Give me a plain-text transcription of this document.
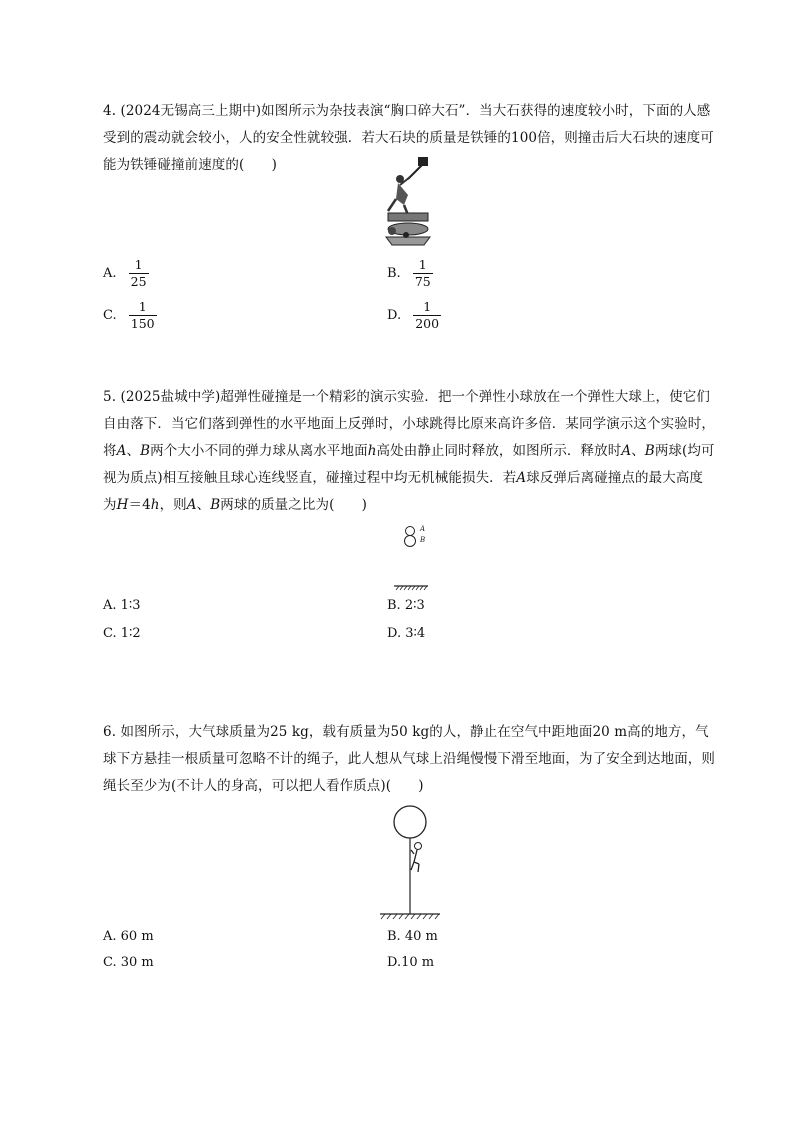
4. (2024无锡高三上期中)如图所示为杂技表演“胸口碎大石”．当大石获得的速度较小时，下面的人感受到的震动就会较小，人的安全性就较强．若大石块的质量是铁锤的100倍，则撞击后大石块的速度可能为铁锤碰撞前速度的(　　)

A. $\frac{1}{25}$	B. $\frac{1}{75}$
C. $\frac{1}{150}$	D. $\frac{1}{200}$

5. (2025盐城中学)超弹性碰撞是一个精彩的演示实验．把一个弹性小球放在一个弹性大球上，使它们自由落下．当它们落到弹性的水平地面上反弹时，小球跳得比原来高许多倍．某同学演示这个实验时，将A、B两个大小不同的弹力球从离水平地面h高处由静止同时释放，如图所示．释放时A、B两球(均可视为质点)相互接触且球心连线竖直，碰撞过程中均无机械能损失．若A球反弹后离碰撞点的最大高度为H＝4h，则A、B两球的质量之比为(　　)

A
B
A. 1∶3	B. 2∶3
C. 1∶2	D. 3∶4

6. 如图所示，大气球质量为25 kg，载有质量为50 kg的人，静止在空气中距地面20 m高的地方，气球下方悬挂一根质量可忽略不计的绳子，此人想从气球上沿绳慢慢下滑至地面，为了安全到达地面，则绳长至少为(不计人的身高，可以把人看作质点)(　　)

A. 60 m	B. 40 m
C. 30 m	D.10 m
